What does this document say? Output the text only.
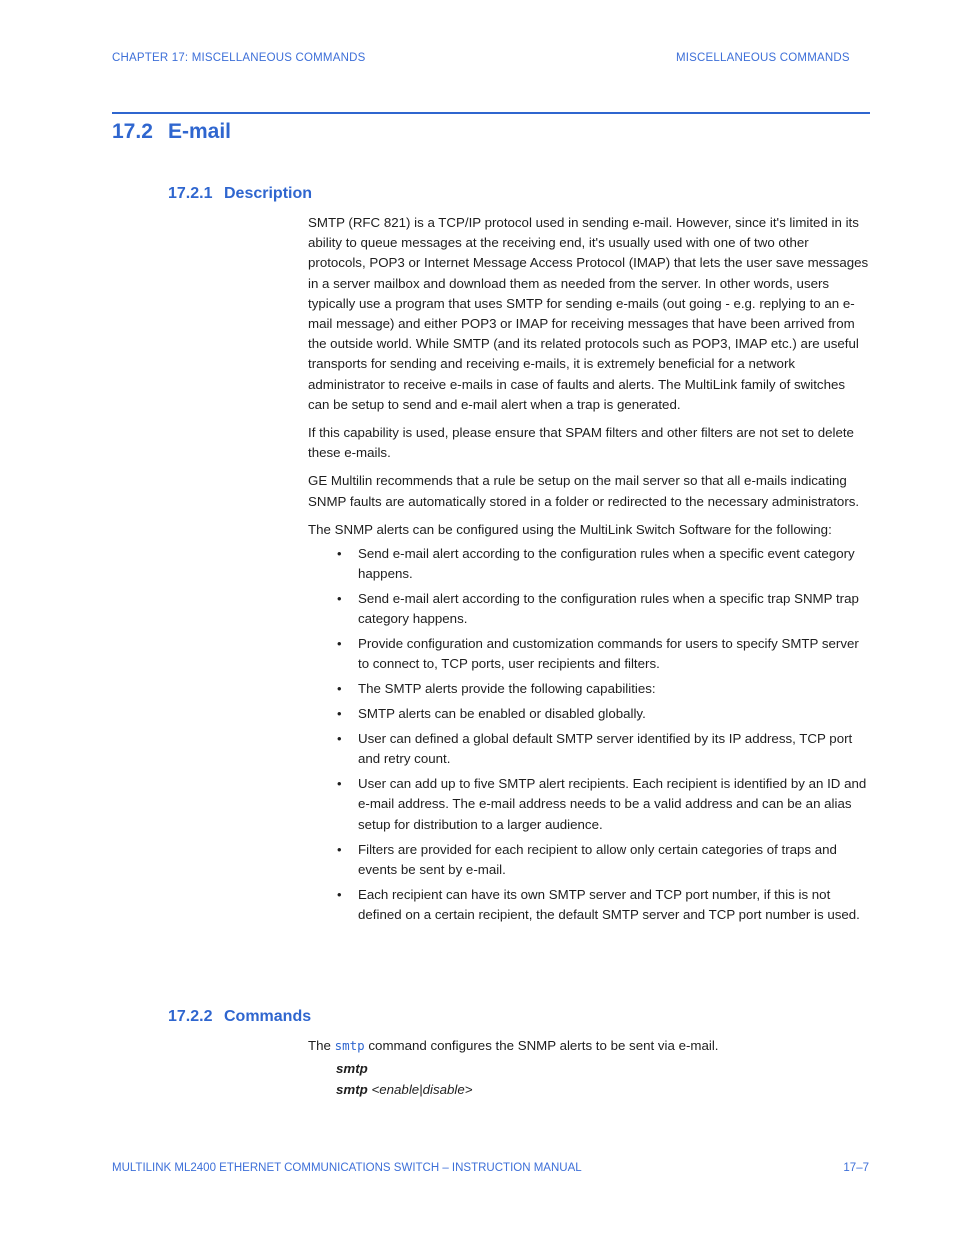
CHAPTER 17: MISCELLANEOUS COMMANDS	MISCELLANEOUS COMMANDS
17.2 E-mail
17.2.1 Description

SMTP (RFC 821) is a TCP/IP protocol used in sending e-mail. However, since it's limited in its ability to queue messages at the receiving end, it's usually used with one of two other protocols, POP3 or Internet Message Access Protocol (IMAP) that lets the user save messages in a server mailbox and download them as needed from the server. In other words, users typically use a program that uses SMTP for sending e-mails (out going - e.g. replying to an e-mail message) and either POP3 or IMAP for receiving messages that have been arrived from the outside world. While SMTP (and its related protocols such as POP3, IMAP etc.) are useful transports for sending and receiving e-mails, it is extremely beneficial for a network administrator to receive e-mails in case of faults and alerts. The MultiLink family of switches can be setup to send and e-mail alert when a trap is generated.

If this capability is used, please ensure that SPAM filters and other filters are not set to delete these e-mails.

GE Multilin recommends that a rule be setup on the mail server so that all e-mails indicating SNMP faults are automatically stored in a folder or redirected to the necessary administrators.

The SNMP alerts can be configured using the MultiLink Switch Software for the following:

• Send e-mail alert according to the configuration rules when a specific event category happens.
• Send e-mail alert according to the configuration rules when a specific trap SNMP trap category happens.
• Provide configuration and customization commands for users to specify SMTP server to connect to, TCP ports, user recipients and filters.
• The SMTP alerts provide the following capabilities:
• SMTP alerts can be enabled or disabled globally.
• User can defined a global default SMTP server identified by its IP address, TCP port and retry count.
• User can add up to five SMTP alert recipients. Each recipient is identified by an ID and e-mail address. The e-mail address needs to be a valid address and can be an alias setup for distribution to a larger audience.
• Filters are provided for each recipient to allow only certain categories of traps and events be sent by e-mail.
• Each recipient can have its own SMTP server and TCP port number, if this is not defined on a certain recipient, the default SMTP server and TCP port number is used.
17.2.2 Commands

The smtp command configures the SNMP alerts to be sent via e-mail.

smtp
smtp <enable|disable>
MULTILINK ML2400 ETHERNET COMMUNICATIONS SWITCH – INSTRUCTION MANUAL	17–7
